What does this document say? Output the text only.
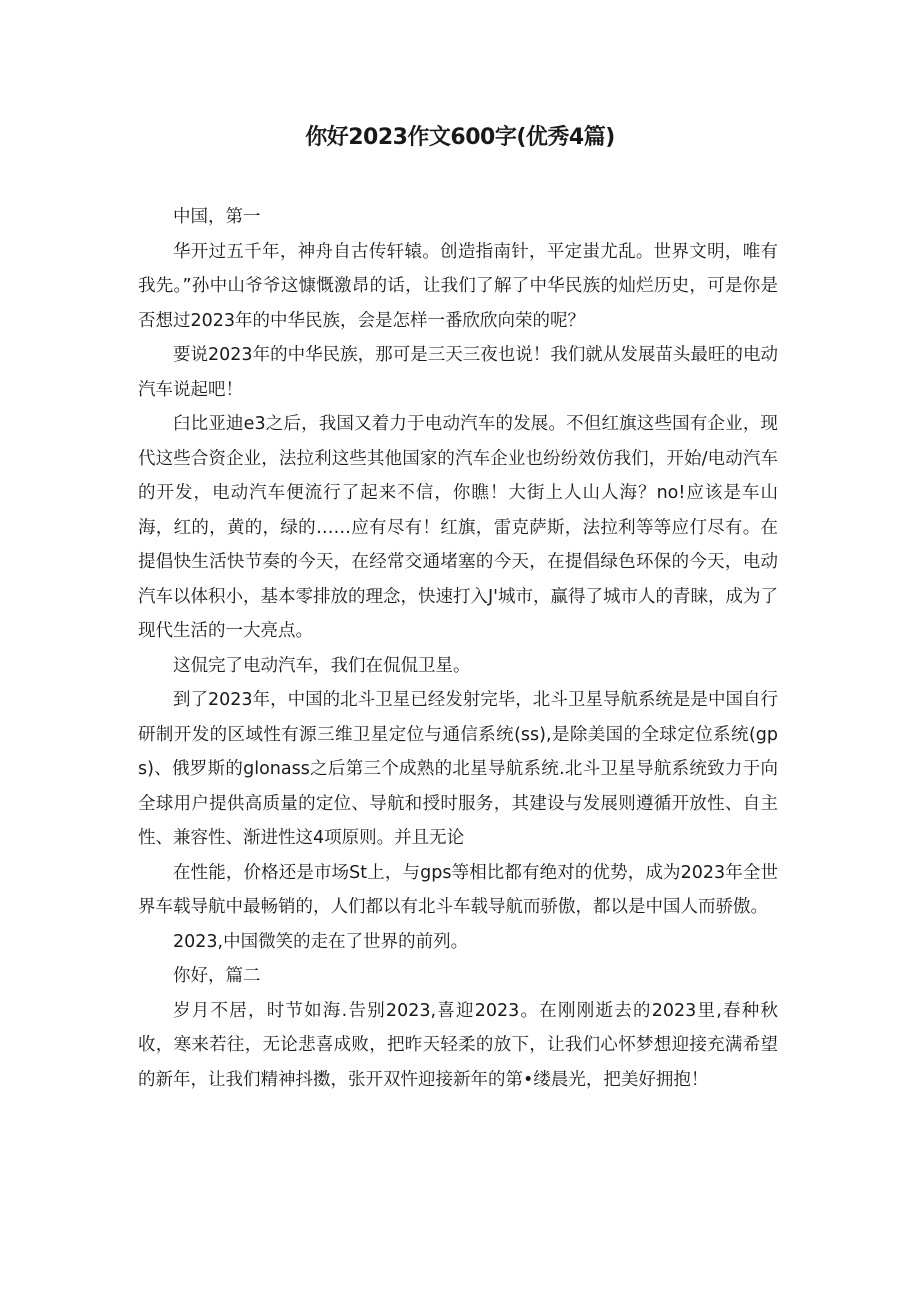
你好2023作文600字(优秀4篇)

中国，第一

华开过五千年，神舟自古传轩辕。创造指南针，平定蚩尤乱。世界文明，唯有我先。”孙中山爷爷这慷慨激昂的话，让我们了解了中华民族的灿烂历史，可是你是否想过2023年的中华民族，会是怎样一番欣欣向荣的呢？

要说2023年的中华民族，那可是三天三夜也说！我们就从发展苗头最旺的电动汽车说起吧！

臼比亚迪e3之后，我国又着力于电动汽车的发展。不但红旗这些国有企业，现代这些合资企业，法拉利这些其他国家的汽车企业也纷纷效仿我们，开始/电动汽车的开发，电动汽车便流行了起来不信，你瞧！大街上人山人海？no!应该是车山海，红的，黄的，绿的……应有尽有！红旗，雷克萨斯，法拉利等等应仃尽有。在提倡快生活快节奏的今天，在经常交通堵塞的今天，在提倡绿色环保的今天，电动汽车以体积小，基本零排放的理念，快速打入J'城市，赢得了城市人的青睐，成为了现代生活的一大亮点。

这侃完了电动汽车，我们在侃侃卫星。

到了2023年，中国的北斗卫星已经发射完毕，北斗卫星导航系统是是中国自行研制开发的区域性有源三维卫星定位与通信系统(ss),是除美国的全球定位系统(gps)、俄罗斯的glonass之后第三个成熟的北星导航系统.北斗卫星导航系统致力于向全球用户提供高质量的定位、导航和授时服务，其建设与发展则遵循开放性、自主性、兼容性、渐进性这4项原则。并且无论

在性能，价格还是市场St上，与gps等相比都有绝对的优势，成为2023年全世界车载导航中最畅销的，人们都以有北斗车载导航而骄傲，都以是中国人而骄傲。

2023,中国微笑的走在了世界的前列。

你好，篇二

岁月不居，时节如海.告别2023,喜迎2023。在刚刚逝去的2023里,春种秋收，寒来若往，无论悲喜成败，把昨天轻柔的放下，让我们心怀梦想迎接充满希望的新年，让我们精神抖擞，张开双忤迎接新年的第•缕晨光，把美好拥抱！
